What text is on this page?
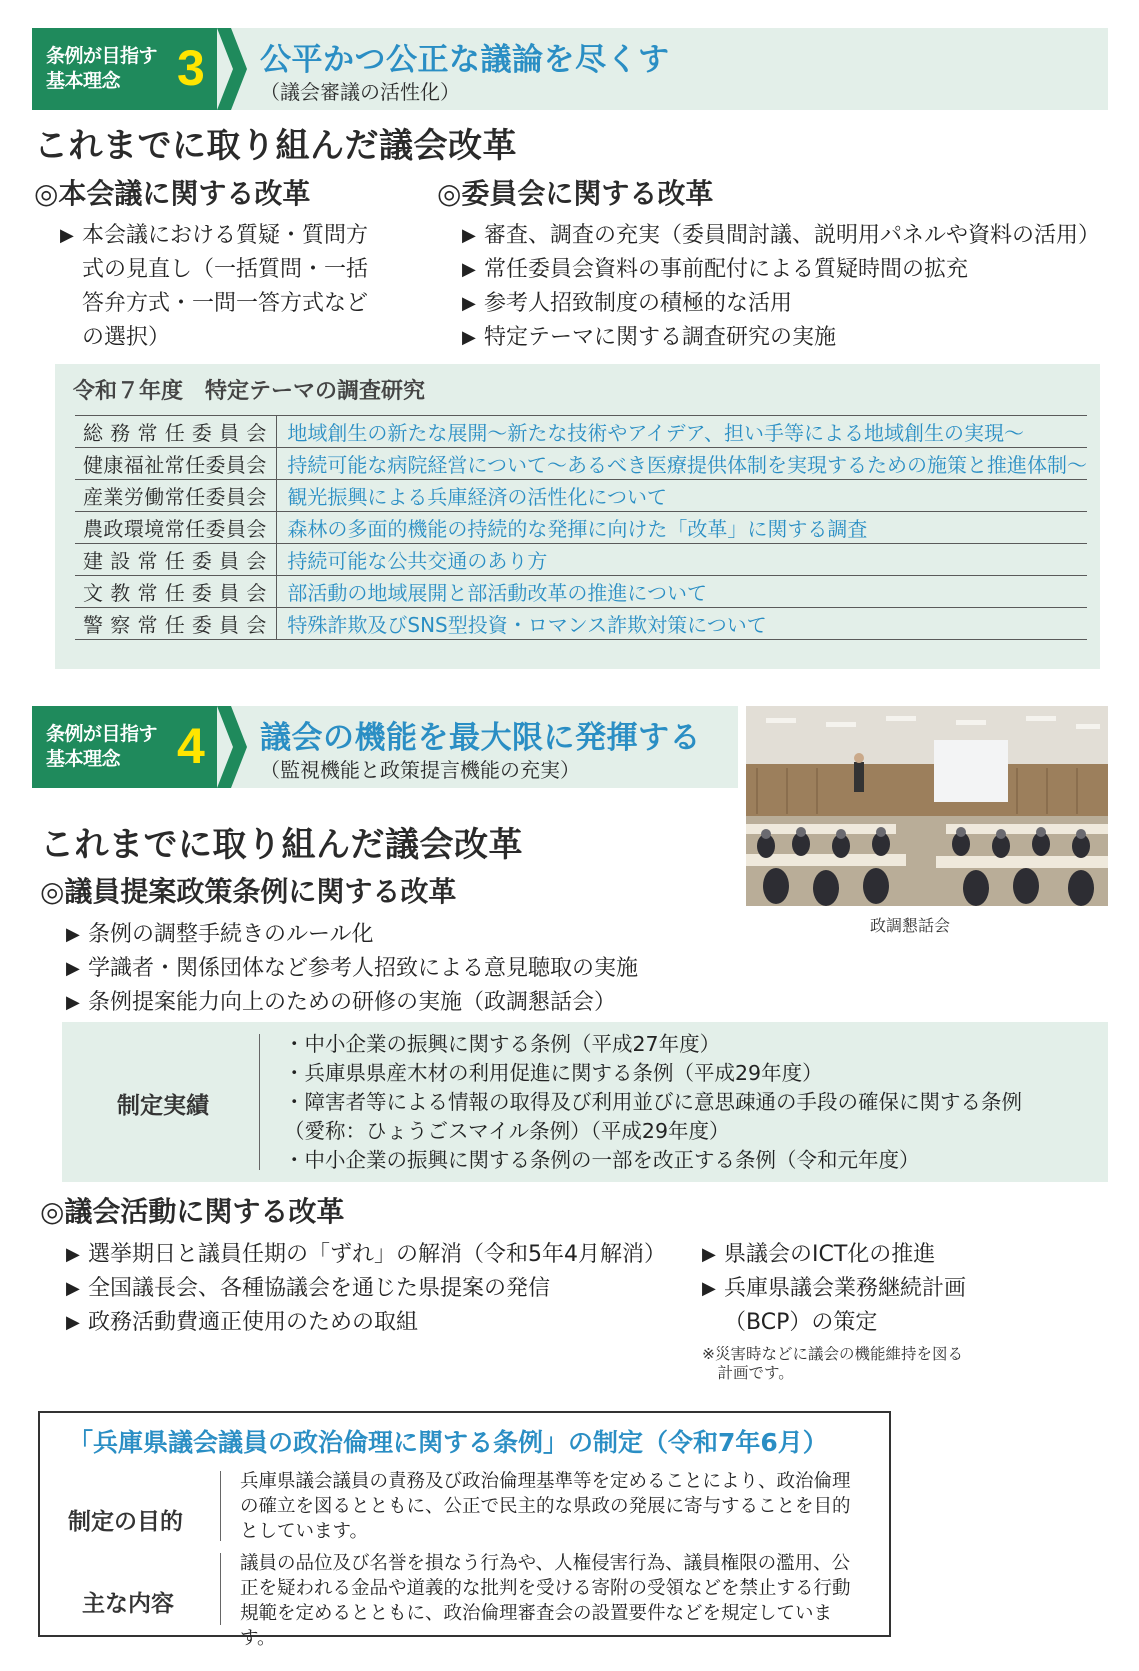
条例が目指す
基本理念	3 公平かつ公正な議論を尽くす
（議会審議の活性化）
これまでに取り組んだ議会改革
◎本会議に関する改革
▶ 本会議における質疑・質問方式の見直し（一括質問・一括答弁方式・一問一答方式などの選択）
◎委員会に関する改革
▶ 審査、調査の充実（委員間討議、説明用パネルや資料の活用）
▶ 常任委員会資料の事前配付による質疑時間の拡充
▶ 参考人招致制度の積極的な活用
▶ 特定テーマに関する調査研究の実施
令和７年度　特定テーマの調査研究
総務常任委員会	地域創生の新たな展開～新たな技術やアイデア、担い手等による地域創生の実現～
健康福祉常任委員会	持続可能な病院経営について～あるべき医療提供体制を実現するための施策と推進体制～
産業労働常任委員会	観光振興による兵庫経済の活性化について
農政環境常任委員会	森林の多面的機能の持続的な発揮に向けた「改革」に関する調査
建設常任委員会	持続可能な公共交通のあり方
文教常任委員会	部活動の地域展開と部活動改革の推進について
警察常任委員会	特殊詐欺及びSNS型投資・ロマンス詐欺対策について
条例が目指す
基本理念	4 議会の機能を最大限に発揮する
（監視機能と政策提言機能の充実）
政調懇話会
これまでに取り組んだ議会改革
◎議員提案政策条例に関する改革
▶ 条例の調整手続きのルール化
▶ 学識者・関係団体など参考人招致による意見聴取の実施
▶ 条例提案能力向上のための研修の実施（政調懇話会）
制定実績
・中小企業の振興に関する条例（平成27年度）
・兵庫県県産木材の利用促進に関する条例（平成29年度）
・障害者等による情報の取得及び利用並びに意思疎通の手段の確保に関する条例
（愛称：ひょうごスマイル条例）（平成29年度）
・中小企業の振興に関する条例の一部を改正する条例（令和元年度）
◎議会活動に関する改革
▶ 選挙期日と議員任期の「ずれ」の解消（令和5年4月解消）
▶ 全国議長会、各種協議会を通じた県提案の発信
▶ 政務活動費適正使用のための取組
▶ 県議会のICT化の推進
▶ 兵庫県議会業務継続計画（BCP）の策定
※災害時などに議会の機能維持を図る計画です。
「兵庫県議会議員の政治倫理に関する条例」の制定（令和7年6月）
制定の目的
兵庫県議会議員の責務及び政治倫理基準等を定めることにより、政治倫理の確立を図るとともに、公正で民主的な県政の発展に寄与することを目的としています。
主な内容
議員の品位及び名誉を損なう行為や、人権侵害行為、議員権限の濫用、公正を疑われる金品や道義的な批判を受ける寄附の受領などを禁止する行動規範を定めるとともに、政治倫理審査会の設置要件などを規定しています。
